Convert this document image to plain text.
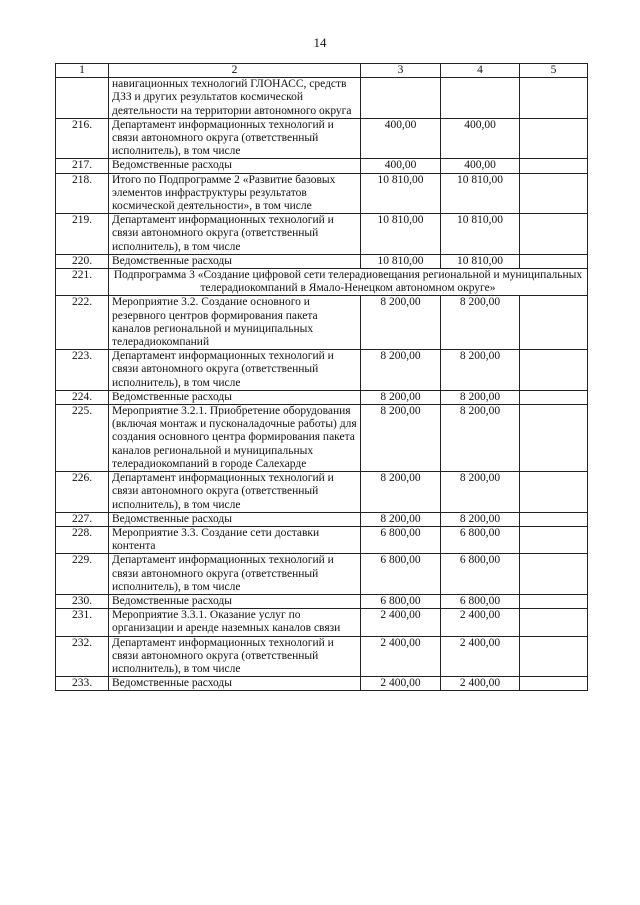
14
1	2	3	4	5
	навигационных технологий ГЛОНАСС, средств ДЗЗ и других результатов космической деятельности на территории автономного округа			
216.	Департамент информационных технологий и связи автономного округа (ответственный исполнитель), в том числе	400,00	400,00	
217.	Ведомственные расходы	400,00	400,00	
218.	Итого по Подпрограмме 2 «Развитие базовых элементов инфраструктуры результатов космической деятельности», в том числе	10 810,00	10 810,00	
219.	Департамент информационных технологий и связи автономного округа (ответственный исполнитель), в том числе	10 810,00	10 810,00	
220.	Ведомственные расходы	10 810,00	10 810,00	
221.	Подпрограмма 3 «Создание цифровой сети телерадиовещания региональной и муниципальных телерадиокомпаний в Ямало-Ненецком автономном округе»			
222.	Мероприятие 3.2. Создание основного и резервного центров формирования пакета каналов региональной и муниципальных телерадиокомпаний	8 200,00	8 200,00	
223.	Департамент информационных технологий и связи автономного округа (ответственный исполнитель), в том числе	8 200,00	8 200,00	
224.	Ведомственные расходы	8 200,00	8 200,00	
225.	Мероприятие 3.2.1. Приобретение оборудования (включая монтаж и пусконаладочные работы) для создания основного центра формирования пакета каналов региональной и муниципальных телерадиокомпаний в городе Салехарде	8 200,00	8 200,00	
226.	Департамент информационных технологий и связи автономного округа (ответственный исполнитель), в том числе	8 200,00	8 200,00	
227.	Ведомственные расходы	8 200,00	8 200,00	
228.	Мероприятие 3.3. Создание сети доставки контента	6 800,00	6 800,00	
229.	Департамент информационных технологий и связи автономного округа (ответственный исполнитель), в том числе	6 800,00	6 800,00	
230.	Ведомственные расходы	6 800,00	6 800,00	
231.	Мероприятие 3.3.1. Оказание услуг по организации и аренде наземных каналов связи	2 400,00	2 400,00	
232.	Департамент информационных технологий и связи автономного округа (ответственный исполнитель), в том числе	2 400,00	2 400,00	
233.	Ведомственные расходы	2 400,00	2 400,00	
